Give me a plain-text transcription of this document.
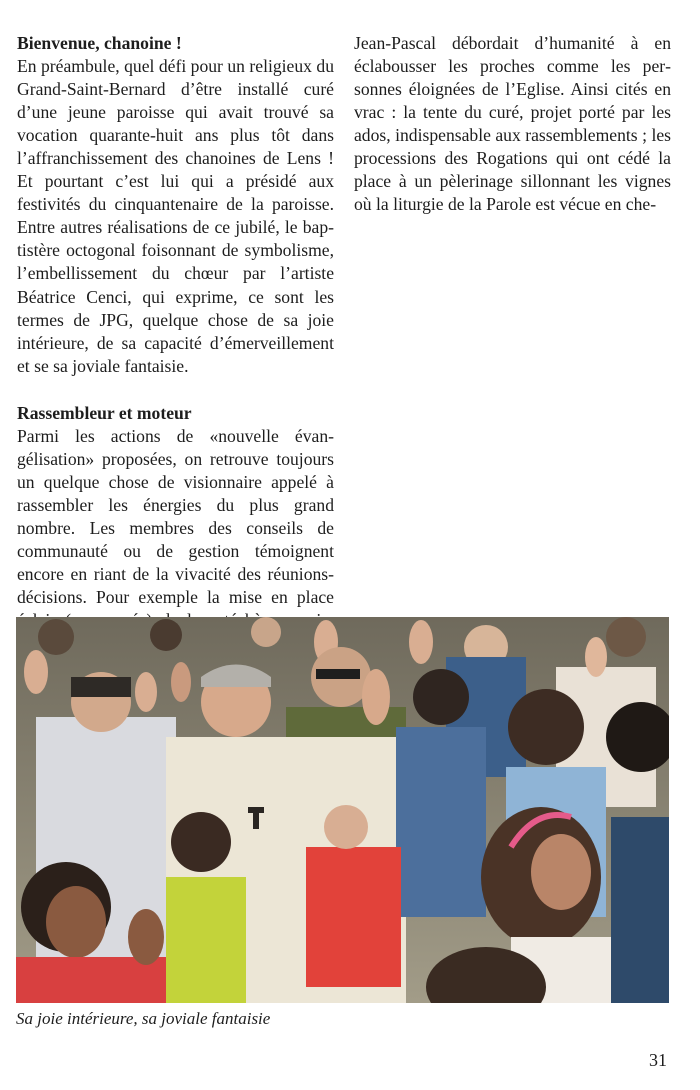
Bienvenue, chanoine !

En préambule, quel défi pour un religieux du Grand-Saint-Bernard d’être installé curé d’une jeune paroisse qui avait trouvé sa vocation quarante-huit ans plus tôt dans l’affranchissement des chanoines de Lens ! Et pourtant c’est lui qui a présidé aux festivités du cinquantenaire de la paroisse. Entre autres réalisations de ce jubilé, le baptistère octogonal foisonnant de symbolisme, l’embellissement du chœur par l’artiste Béatrice Cenci, qui exprime, ce sont les termes de JPG, quelque chose de sa joie intérieure, de sa capacité d’émerveillement et se sa joviale fantaisie.

Rassembleur et moteur

Parmi les actions de «nouvelle évangélisation» proposées, on retrouve toujours un quelque chose de visionnaire appelé à rassembler les énergies du plus grand nombre. Les membres des conseils de communauté ou de gestion témoignent encore en riant de la vivacité des réunions-décisions. Pour exemple la mise en place

Jean-Pascal débordait d’humanité à en éclabousser les proches comme les personnes éloignées de l’Eglise. Ainsi cités en vrac : la tente du curé, projet porté par les ados, indispensable aux rassemblements ; les processions des Rogations qui ont cédé la place à un pèlerinage sillonnant les vignes où la liturgie de la Parole est vécue en che-

Sa joie intérieure, sa joviale fantaisie
31
